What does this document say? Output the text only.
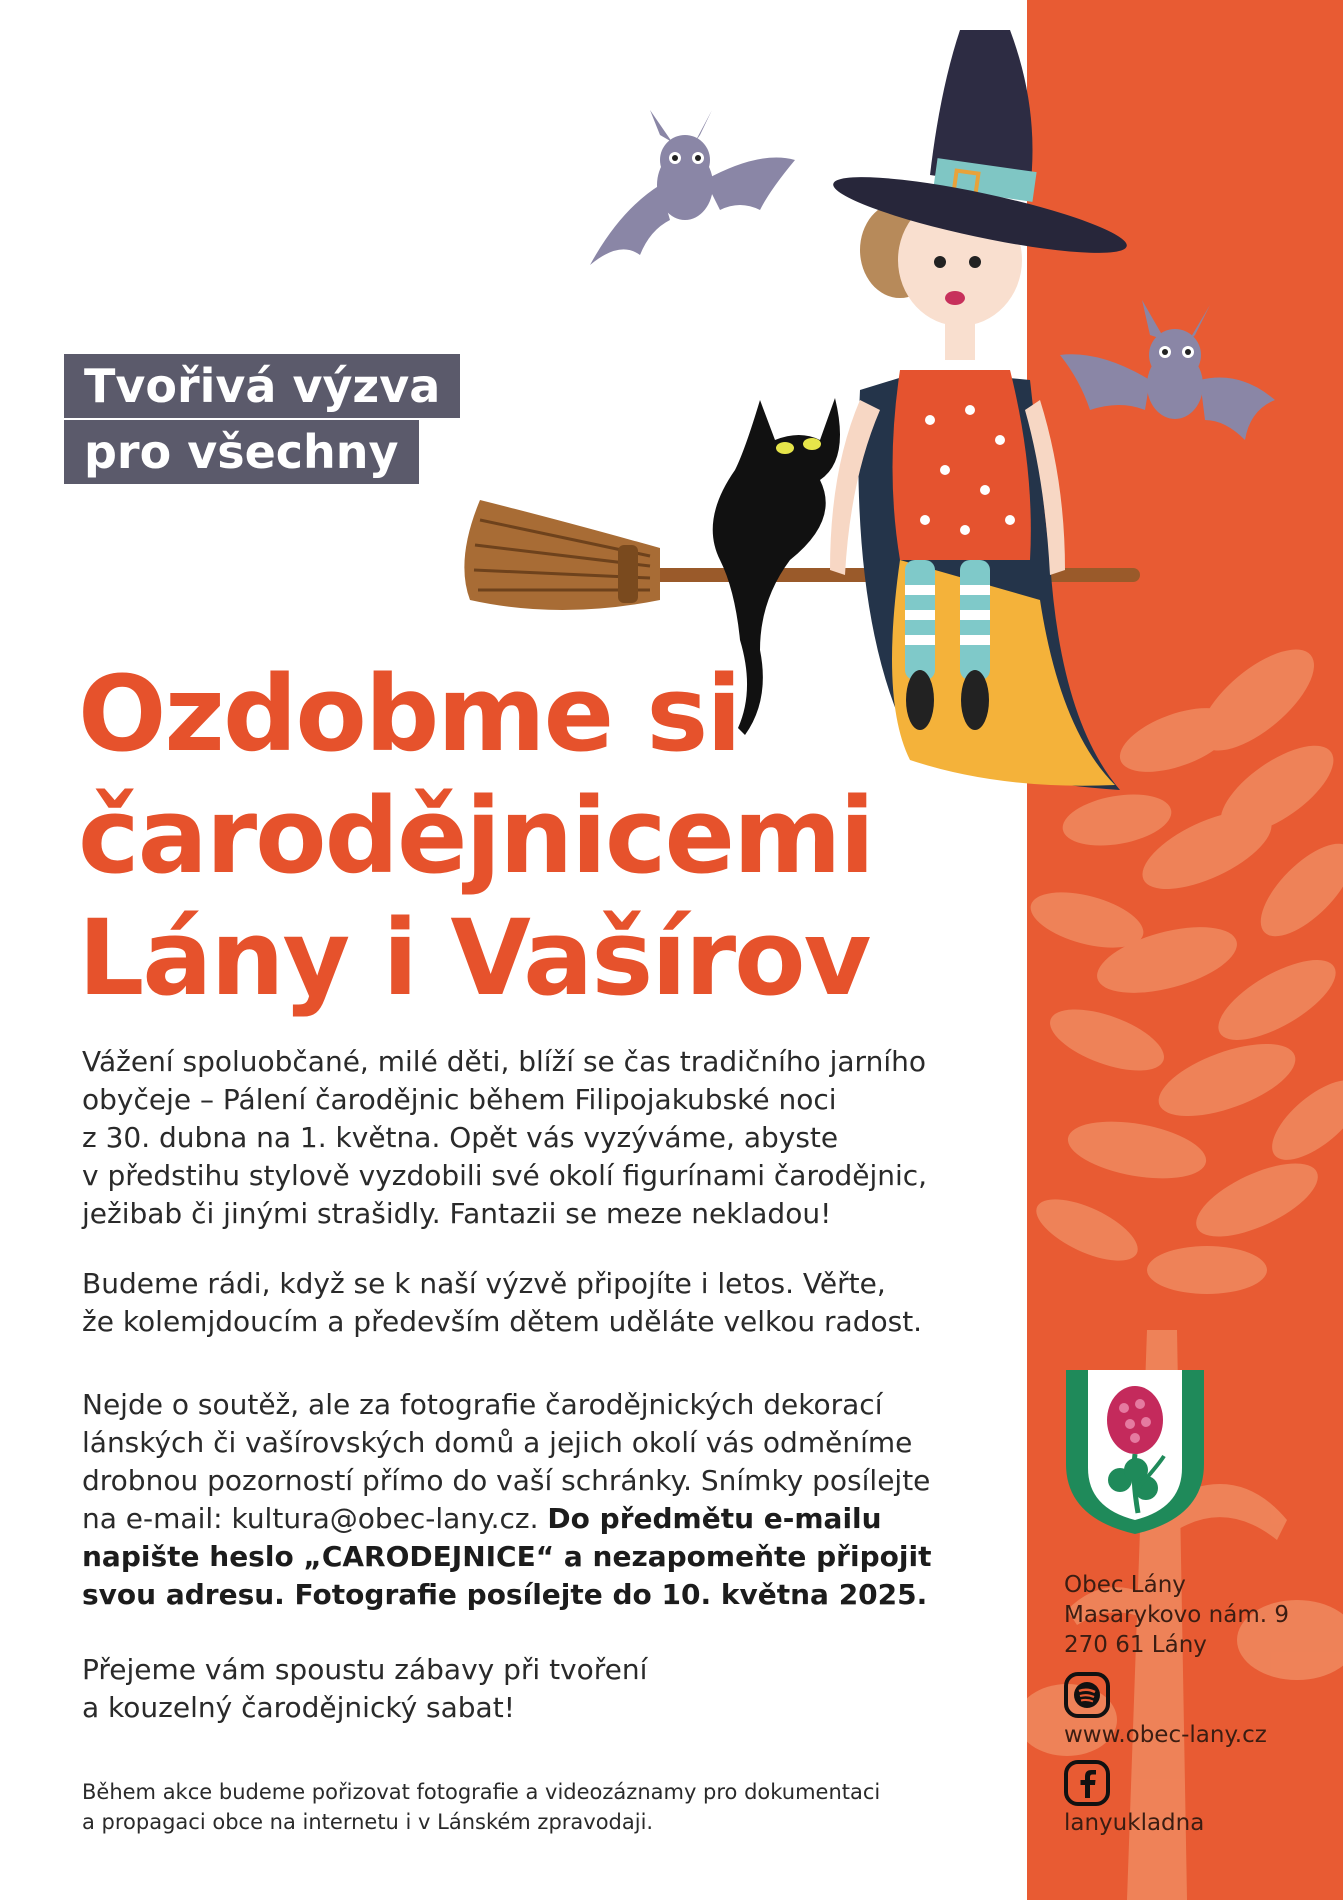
Tvořivá výzva
pro všechny
Ozdobme si
čarodějnicemi
Lány i Vašírov
Vážení spoluobčané, milé děti, blíží se čas tradičního jarního
obyčeje – Pálení čarodějnic během Filipojakubské noci
z 30. dubna na 1. května. Opět vás vyzýváme, abyste
v předstihu stylově vyzdobili své okolí figurínami čarodějnic,
ježibab či jinými strašidly. Fantazii se meze nekladou!
Budeme rádi, když se k naší výzvě připojíte i letos. Věřte,
že kolemjdoucím a především dětem uděláte velkou radost.
Nejde o soutěž, ale za fotografie čarodějnických dekorací
lánských či vašírovských domů a jejich okolí vás odměníme
drobnou pozorností přímo do vaší schránky. Snímky posílejte
na e-mail: kultura@obec-lany.cz. Do předmětu e-mailu
napište heslo „CARODEJNICE“ a nezapomeňte připojit
svou adresu. Fotografie posílejte do 10. května 2025.
Přejeme vám spoustu zábavy při tvoření
a kouzelný čarodějnický sabat!
Během akce budeme pořizovat fotografie a videozáznamy pro dokumentaci
a propagaci obce na internetu i v Lánském zpravodaji.
Obec Lány
Masarykovo nám. 9
270 61 Lány
www.obec-lany.cz
lanyukladna
